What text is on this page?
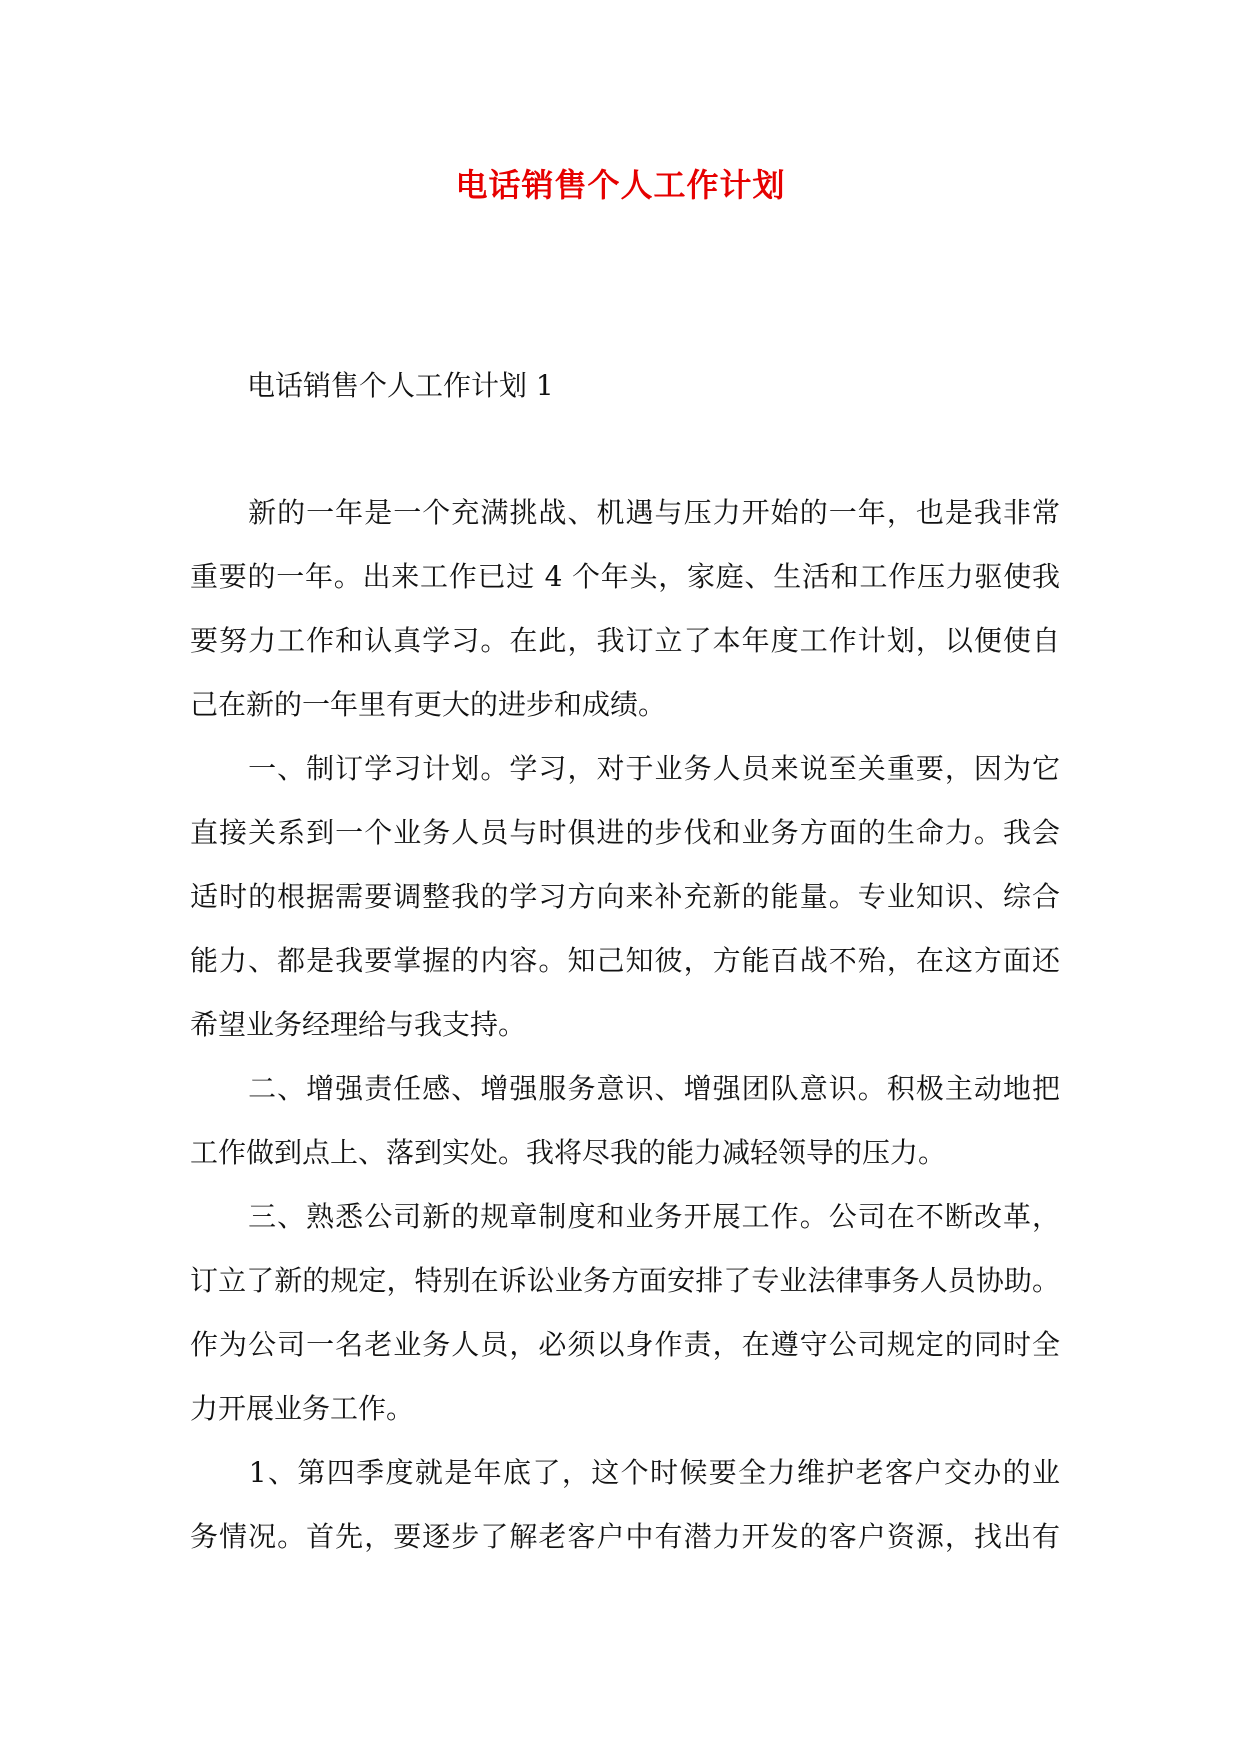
电话销售个人工作计划
电话销售个人工作计划 1

　　新的一年是一个充满挑战、机遇与压力开始的一年，也是我非常
重要的一年。出来工作已过 4 个年头，家庭、生活和工作压力驱使我
要努力工作和认真学习。在此，我订立了本年度工作计划，以便使自
己在新的一年里有更大的进步和成绩。

　　一、制订学习计划。学习，对于业务人员来说至关重要，因为它
直接关系到一个业务人员与时俱进的步伐和业务方面的生命力。我会
适时的根据需要调整我的学习方向来补充新的能量。专业知识、综合
能力、都是我要掌握的内容。知己知彼，方能百战不殆，在这方面还
希望业务经理给与我支持。

　　二、增强责任感、增强服务意识、增强团队意识。积极主动地把
工作做到点上、落到实处。我将尽我的能力减轻领导的压力。

　　三、熟悉公司新的规章制度和业务开展工作。公司在不断改革，
订立了新的规定，特别在诉讼业务方面安排了专业法律事务人员协助。
作为公司一名老业务人员，必须以身作责，在遵守公司规定的同时全
力开展业务工作。

　　1、第四季度就是年底了，这个时候要全力维护老客户交办的业
务情况。首先，要逐步了解老客户中有潜力开发的客户资源，找出有
